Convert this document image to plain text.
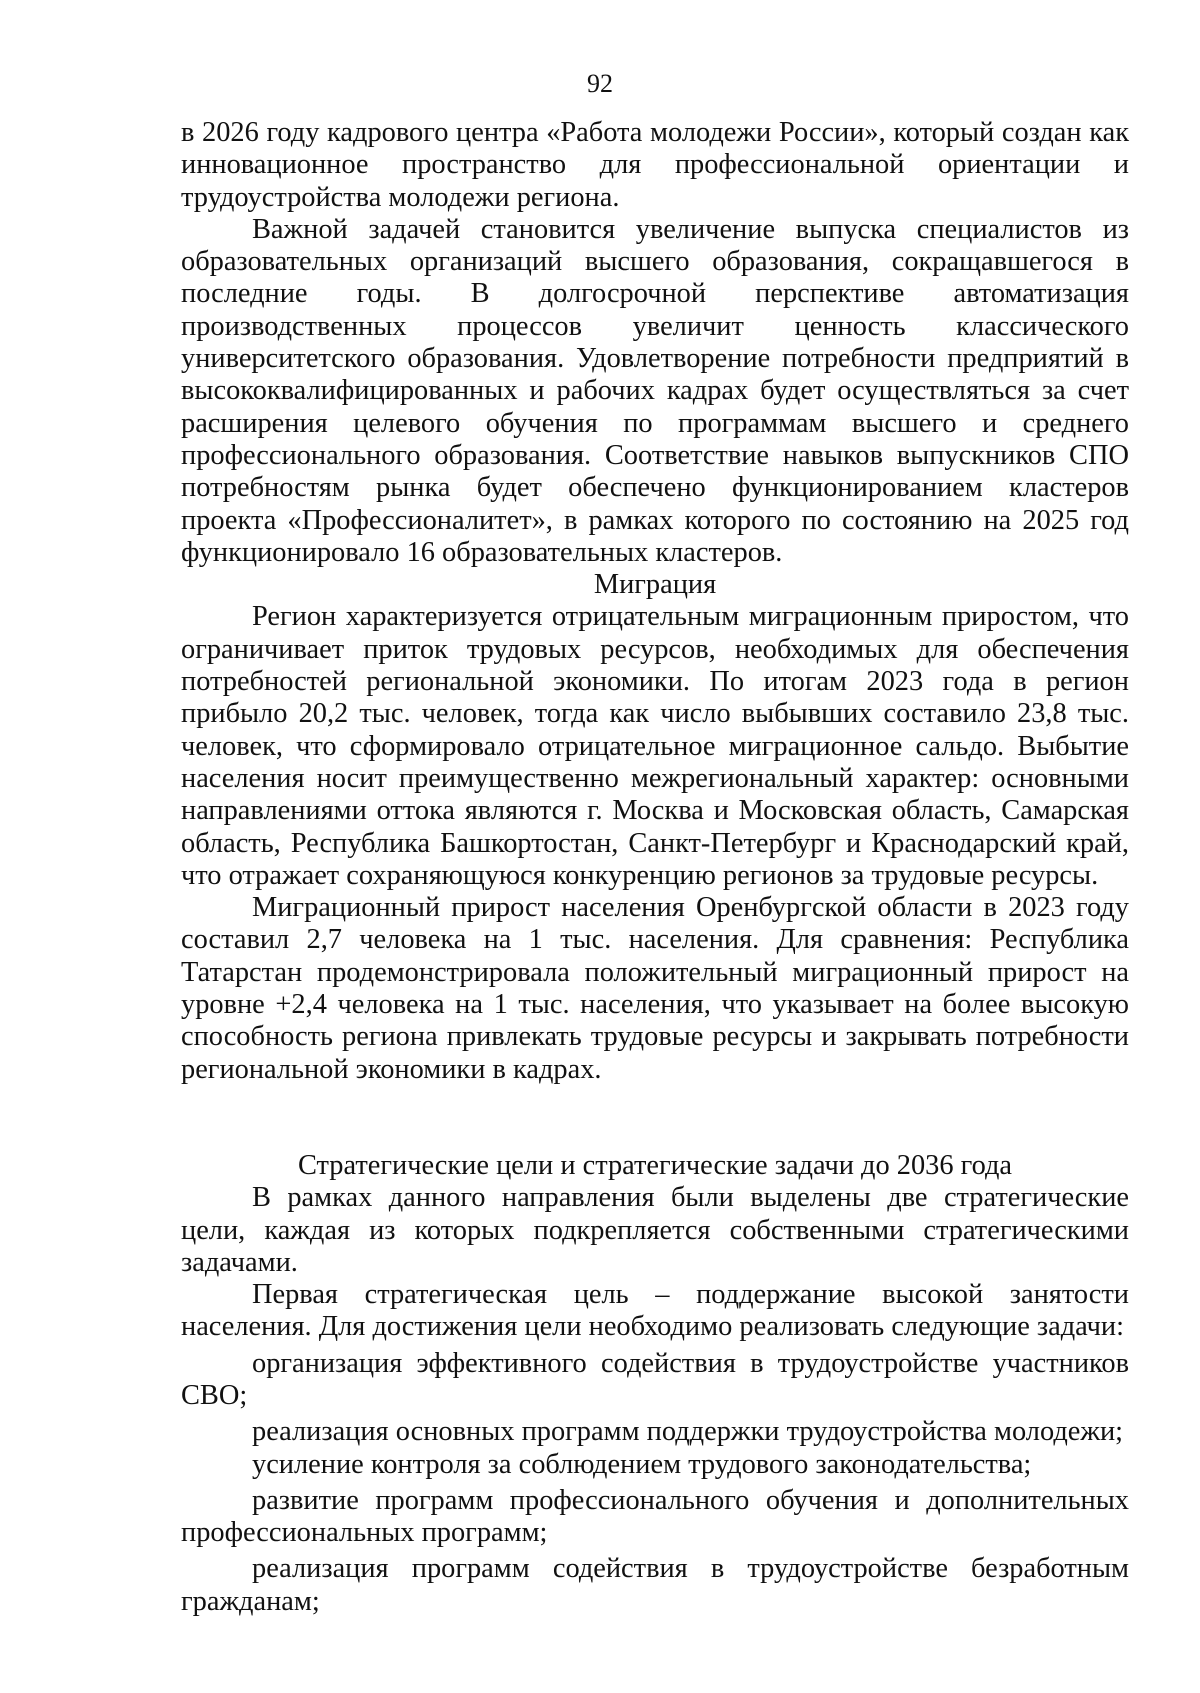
92

в 2026 году кадрового центра «Работа молодежи России», который создан как инновационное пространство для профессиональной ориентации и трудоустройства молодежи региона.

Важной задачей становится увеличение выпуска специалистов из образовательных организаций высшего образования, сокращавшегося в последние годы. В долгосрочной перспективе автоматизация производственных процессов увеличит ценность классического университетского образования. Удовлетворение потребности предприятий в высококвалифицированных и рабочих кадрах будет осуществляться за счет расширения целевого обучения по программам высшего и среднего профессионального образования. Соответствие навыков выпускников СПО потребностям рынка будет обеспечено функционированием кластеров проекта «Профессионалитет», в рамках которого по состоянию на 2025 год функционировало 16 образовательных кластеров.

Миграция

Регион характеризуется отрицательным миграционным приростом, что ограничивает приток трудовых ресурсов, необходимых для обеспечения потребностей региональной экономики. По итогам 2023 года в регион прибыло 20,2 тыс. человек, тогда как число выбывших составило 23,8 тыс. человек, что сформировало отрицательное миграционное сальдо. Выбытие населения носит преимущественно межрегиональный характер: основными направлениями оттока являются г. Москва и Московская область, Самарская область, Республика Башкортостан, Санкт-Петербург и Краснодарский край, что отражает сохраняющуюся конкуренцию регионов за трудовые ресурсы.

Миграционный прирост населения Оренбургской области в 2023 году составил 2,7 человека на 1 тыс. населения. Для сравнения: Республика Татарстан продемонстрировала положительный миграционный прирост на уровне +2,4 человека на 1 тыс. населения, что указывает на более высокую способность региона привлекать трудовые ресурсы и закрывать потребности региональной экономики в кадрах.

Стратегические цели и стратегические задачи до 2036 года

В рамках данного направления были выделены две стратегические цели, каждая из которых подкрепляется собственными стратегическими задачами.

Первая стратегическая цель – поддержание высокой занятости населения. Для достижения цели необходимо реализовать следующие задачи:

организация эффективного содействия в трудоустройстве участников СВО;

реализация основных программ поддержки трудоустройства молодежи;

усиление контроля за соблюдением трудового законодательства;

развитие программ профессионального обучения и дополнительных профессиональных программ;

реализация программ содействия в трудоустройстве безработным гражданам;
